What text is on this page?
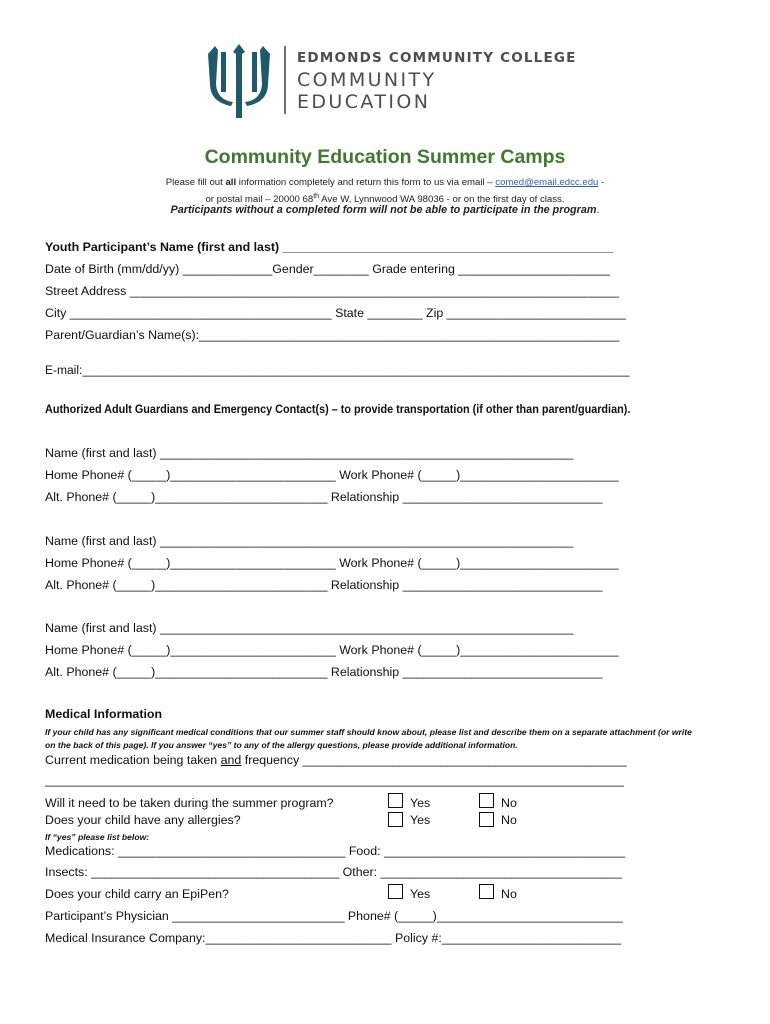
EDMONDS COMMUNITY COLLEGE
COMMUNITY
EDUCATION
Community Education Summer Camps
Please fill out all information completely and return this form to us via email – comed@email.edcc.edu -
or postal mail – 20000 68th Ave W, Lynnwood WA 98036 - or on the first day of class.
Participants without a completed form will not be able to participate in the program.
Youth Participant’s Name (first and last) ________________________________________________
Date of Birth (mm/dd/yy) _____________Gender________ Grade entering ______________________
Street Address _______________________________________________________________________
City ______________________________________ State ________ Zip __________________________
Parent/Guardian’s Name(s):_____________________________________________________________
E-mail:__________________________________________________________________________________
Authorized Adult Guardians and Emergency Contact(s) – to provide transportation (if other than parent/guardian).
Name (first and last) ____________________________________________________________
Home Phone# (_____)________________________ Work Phone# (_____)_______________________
Alt. Phone# (_____)_________________________ Relationship _____________________________
Name (first and last) ____________________________________________________________
Home Phone# (_____)________________________ Work Phone# (_____)_______________________
Alt. Phone# (_____)_________________________ Relationship _____________________________
Name (first and last) ____________________________________________________________
Home Phone# (_____)________________________ Work Phone# (_____)_______________________
Alt. Phone# (_____)_________________________ Relationship _____________________________
Medical Information
If your child has any significant medical conditions that our summer staff should know about, please list and describe them on a separate attachment (or write
on the back of this page). If you answer “yes” to any of the allergy questions, please provide additional information.
Current medication being taken and frequency _______________________________________________
____________________________________________________________________________________
Will it need to be taken during the summer program?	Yes	No
Does your child have any allergies?	Yes	No
If “yes” please list below:
Medications: _________________________________ Food: ___________________________________
Insects: ____________________________________ Other: ___________________________________
Does your child carry an EpiPen?	Yes	No
Participant’s Physician _________________________ Phone# (_____)___________________________
Medical Insurance Company:___________________________ Policy #:__________________________
